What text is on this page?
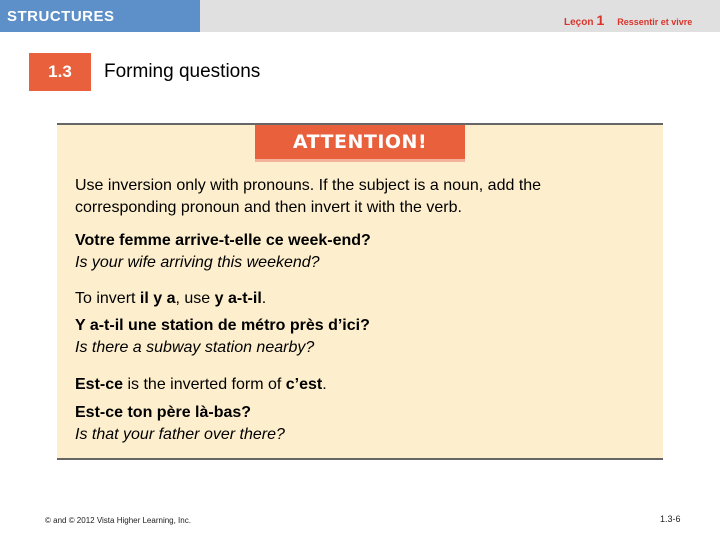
STRUCTURES	Leçon 1 Ressentir et vivre
1.3	Forming questions
ATTENTION!
Use inversion only with pronouns. If the subject is a noun, add the
corresponding pronoun and then invert it with the verb.
Votre femme arrive-t-elle ce week-end?
Is your wife arriving this weekend?
To invert il y a, use y a-t-il.
Y a-t-il une station de métro près d’ici?
Is there a subway station nearby?
Est-ce is the inverted form of c’est.
Est-ce ton père là-bas?
Is that your father over there?
© and © 2012 Vista Higher Learning, Inc.	1.3-6
